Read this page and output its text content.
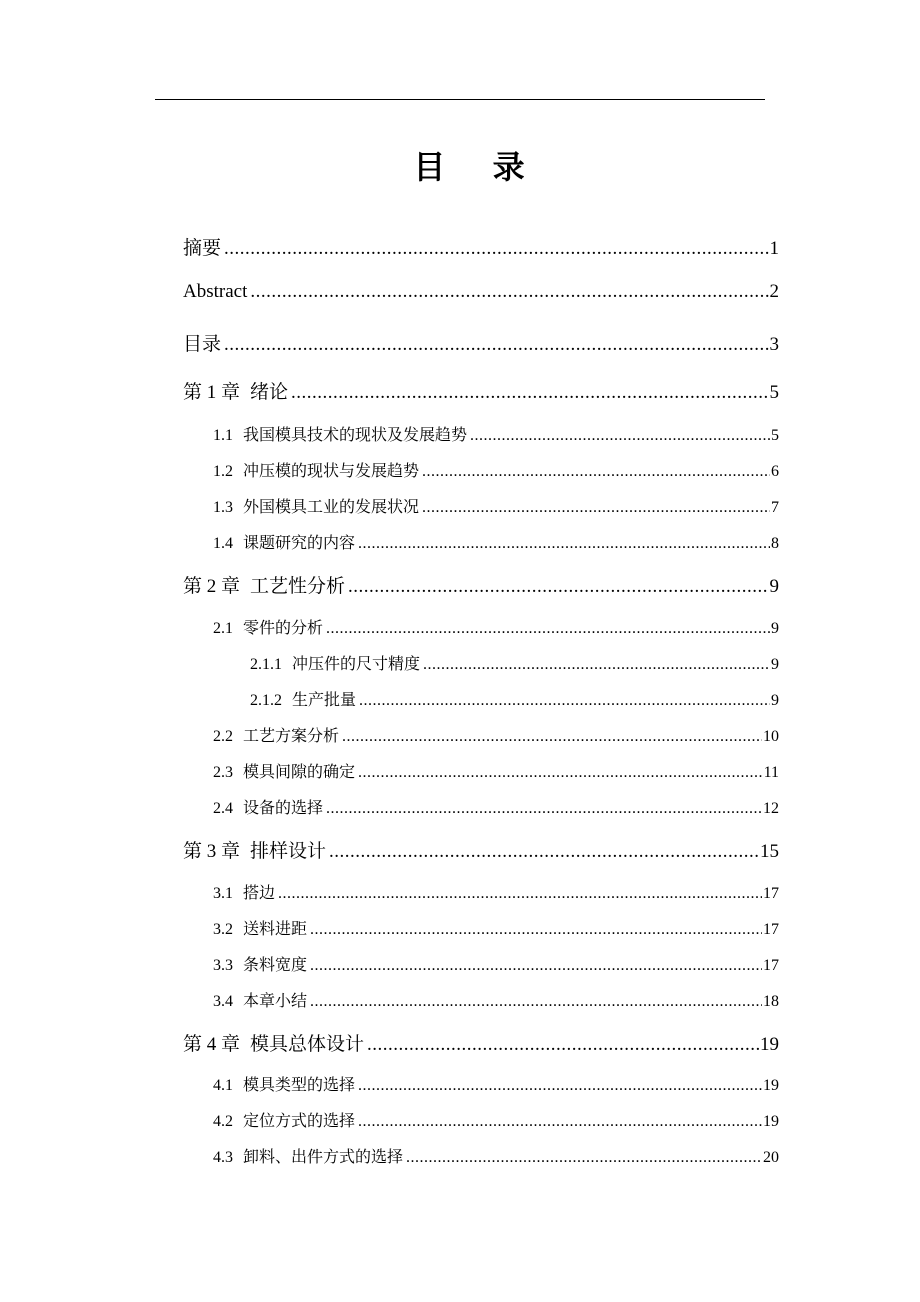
目 录
摘要 .....	1
Abstract .....	2
目录 .....	3
第 1 章 绪论 .....	5
1.1 我国模具技术的现状及发展趋势 .....	5
1.2 冲压模的现状与发展趋势 .....	6
1.3 外国模具工业的发展状况 .....	7
1.4 课题研究的内容 .....	8
第 2 章 工艺性分析 .....	9
2.1 零件的分析 .....	9
2.1.1 冲压件的尺寸精度 .....	9
2.1.2 生产批量 .....	9
2.2 工艺方案分析 .....	10
2.3 模具间隙的确定 .....	11
2.4 设备的选择 .....	12
第 3 章 排样设计 .....	15
3.1 搭边 .....	17
3.2 送料进距 .....	17
3.3 条料宽度 .....	17
3.4 本章小结 .....	18
第 4 章 模具总体设计 .....	19
4.1 模具类型的选择 .....	19
4.2 定位方式的选择 .....	19
4.3 卸料、出件方式的选择 .....	20
